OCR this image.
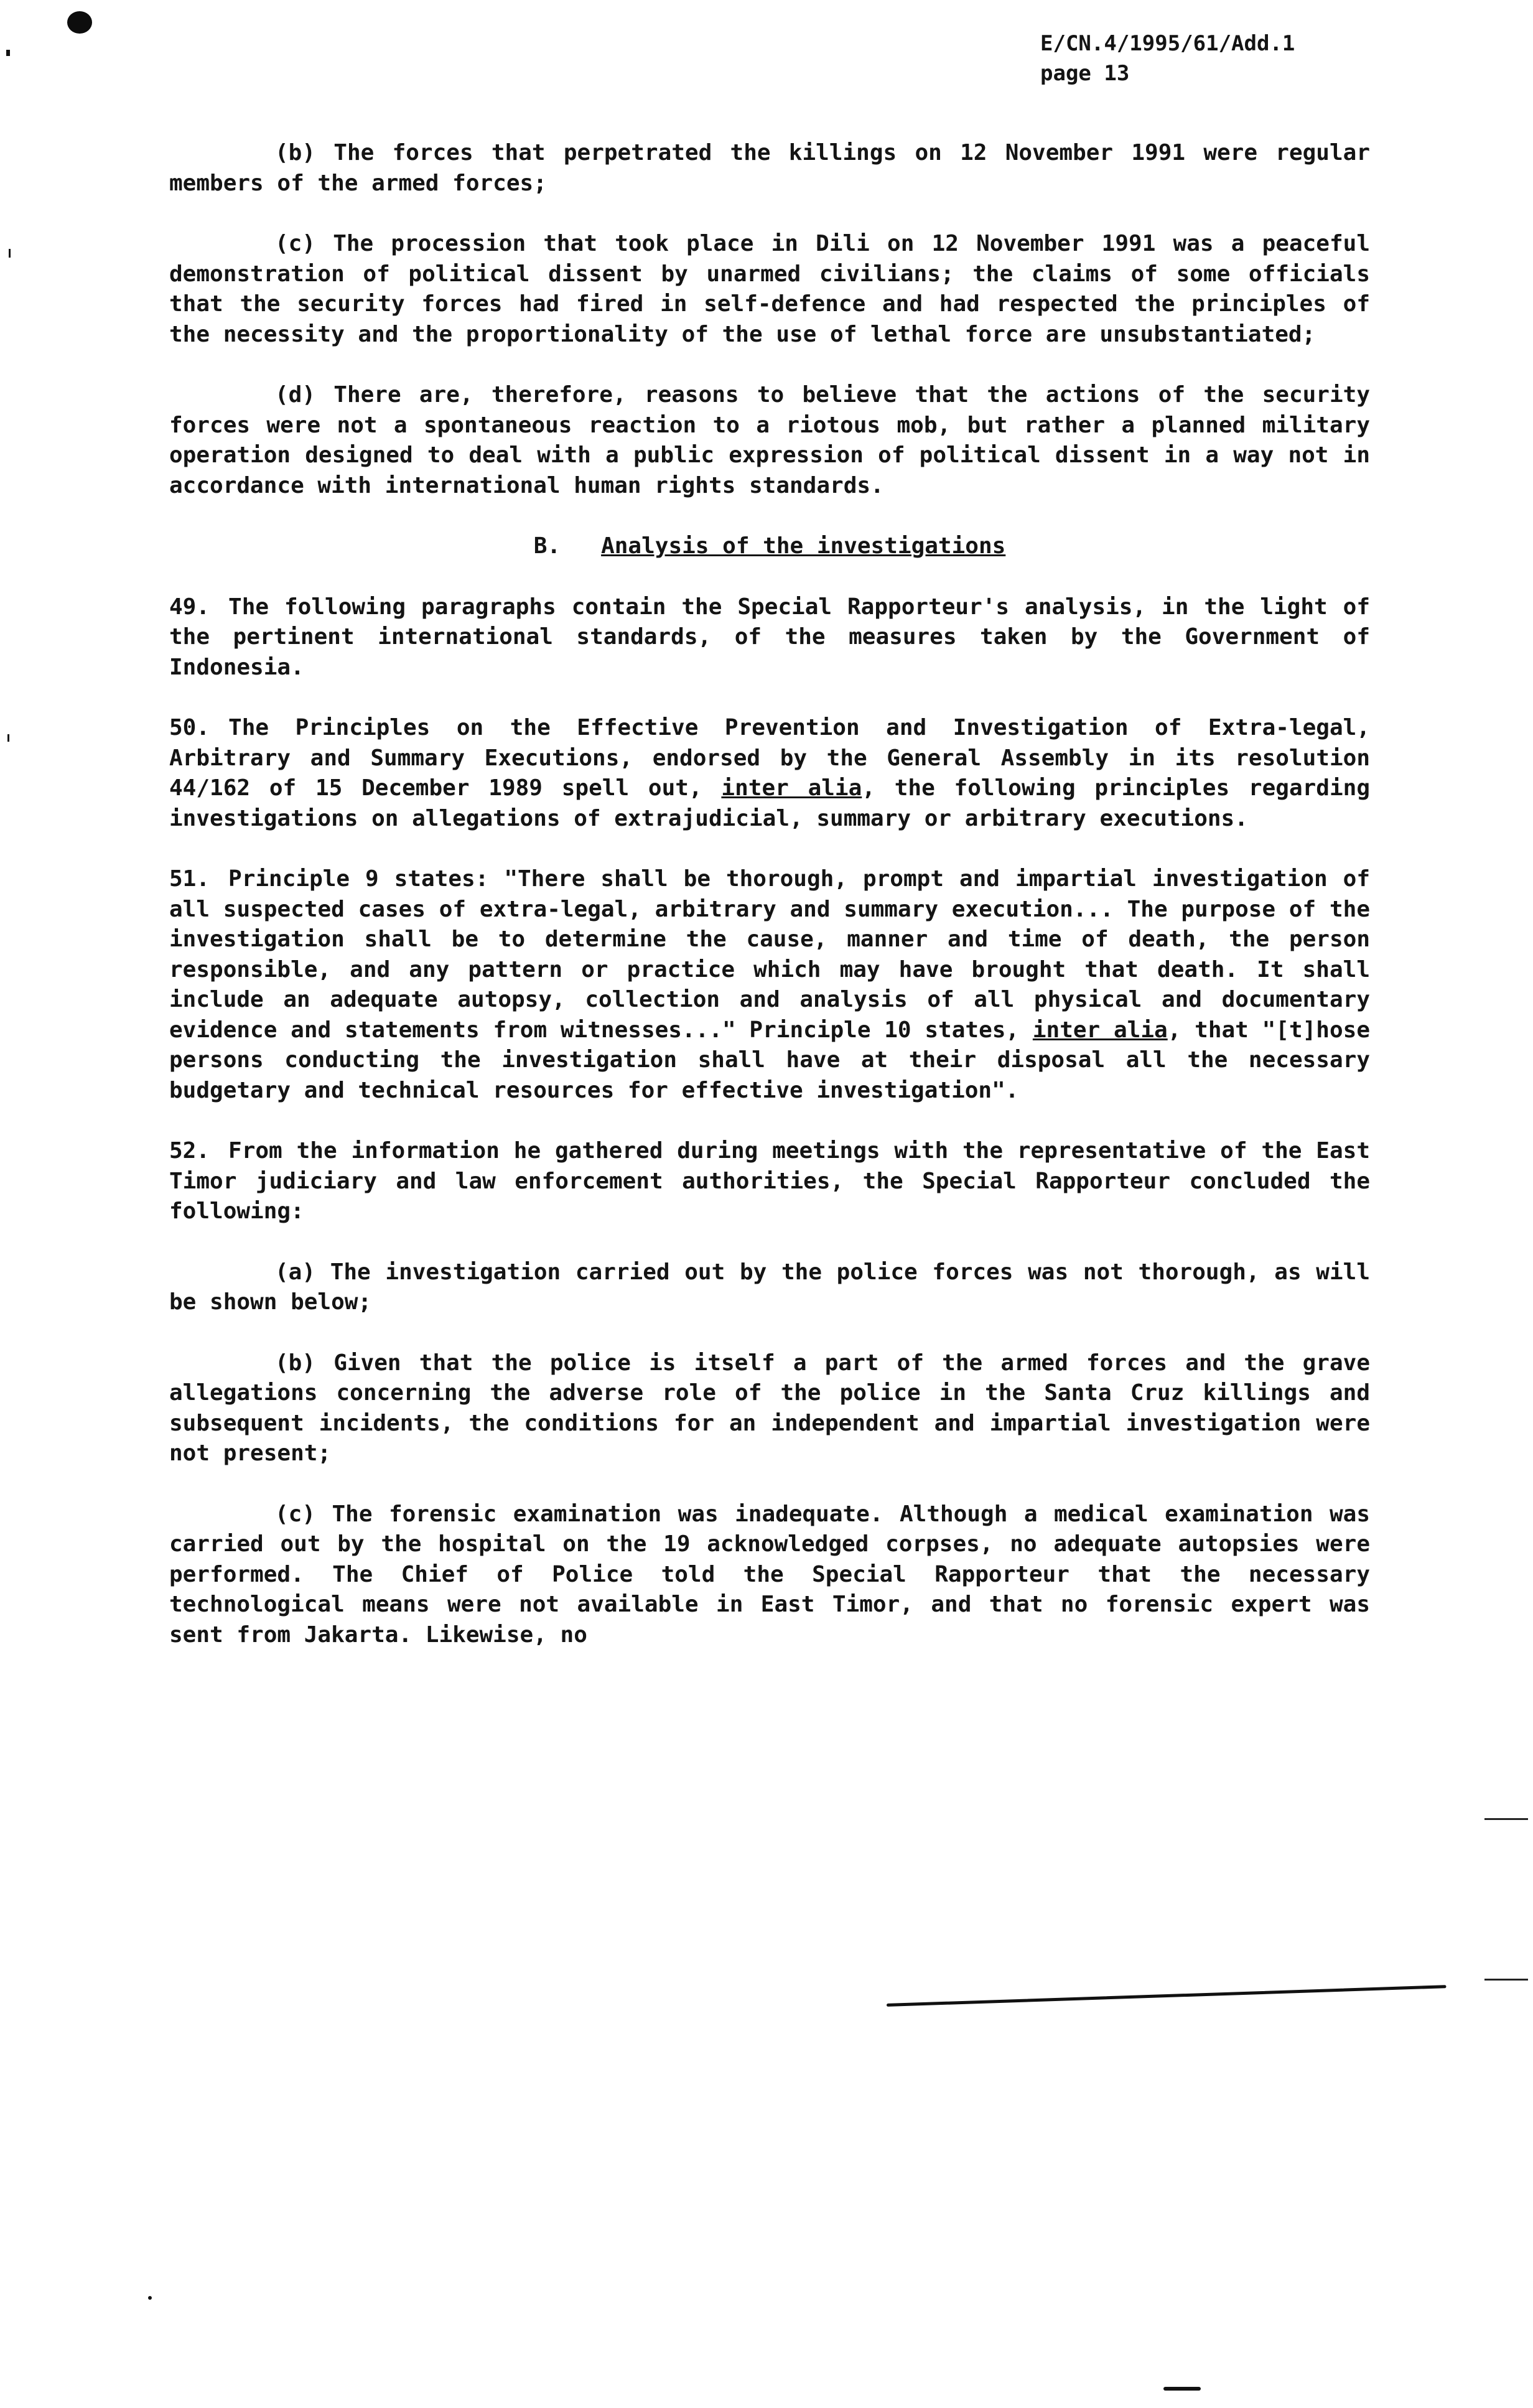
E/CN.4/1995/61/Add.1
page 13

(b) The forces that perpetrated the killings on 12 November 1991 were regular members of the armed forces;

(c) The procession that took place in Dili on 12 November 1991 was a peaceful demonstration of political dissent by unarmed civilians; the claims of some officials that the security forces had fired in self-defence and had respected the principles of the necessity and the proportionality of the use of lethal force are unsubstantiated;

(d) There are, therefore, reasons to believe that the actions of the security forces were not a spontaneous reaction to a riotous mob, but rather a planned military operation designed to deal with a public expression of political dissent in a way not in accordance with international human rights standards.

B. Analysis of the investigations

49. The following paragraphs contain the Special Rapporteur's analysis, in the light of the pertinent international standards, of the measures taken by the Government of Indonesia.

50. The Principles on the Effective Prevention and Investigation of Extra-legal, Arbitrary and Summary Executions, endorsed by the General Assembly in its resolution 44/162 of 15 December 1989 spell out, inter alia, the following principles regarding investigations on allegations of extrajudicial, summary or arbitrary executions.

51. Principle 9 states: "There shall be thorough, prompt and impartial investigation of all suspected cases of extra-legal, arbitrary and summary execution... The purpose of the investigation shall be to determine the cause, manner and time of death, the person responsible, and any pattern or practice which may have brought that death. It shall include an adequate autopsy, collection and analysis of all physical and documentary evidence and statements from witnesses..." Principle 10 states, inter alia, that "[t]hose persons conducting the investigation shall have at their disposal all the necessary budgetary and technical resources for effective investigation".

52. From the information he gathered during meetings with the representative of the East Timor judiciary and law enforcement authorities, the Special Rapporteur concluded the following:

(a) The investigation carried out by the police forces was not thorough, as will be shown below;

(b) Given that the police is itself a part of the armed forces and the grave allegations concerning the adverse role of the police in the Santa Cruz killings and subsequent incidents, the conditions for an independent and impartial investigation were not present;

(c) The forensic examination was inadequate. Although a medical examination was carried out by the hospital on the 19 acknowledged corpses, no adequate autopsies were performed. The Chief of Police told the Special Rapporteur that the necessary technological means were not available in East Timor, and that no forensic expert was sent from Jakarta. Likewise, no
